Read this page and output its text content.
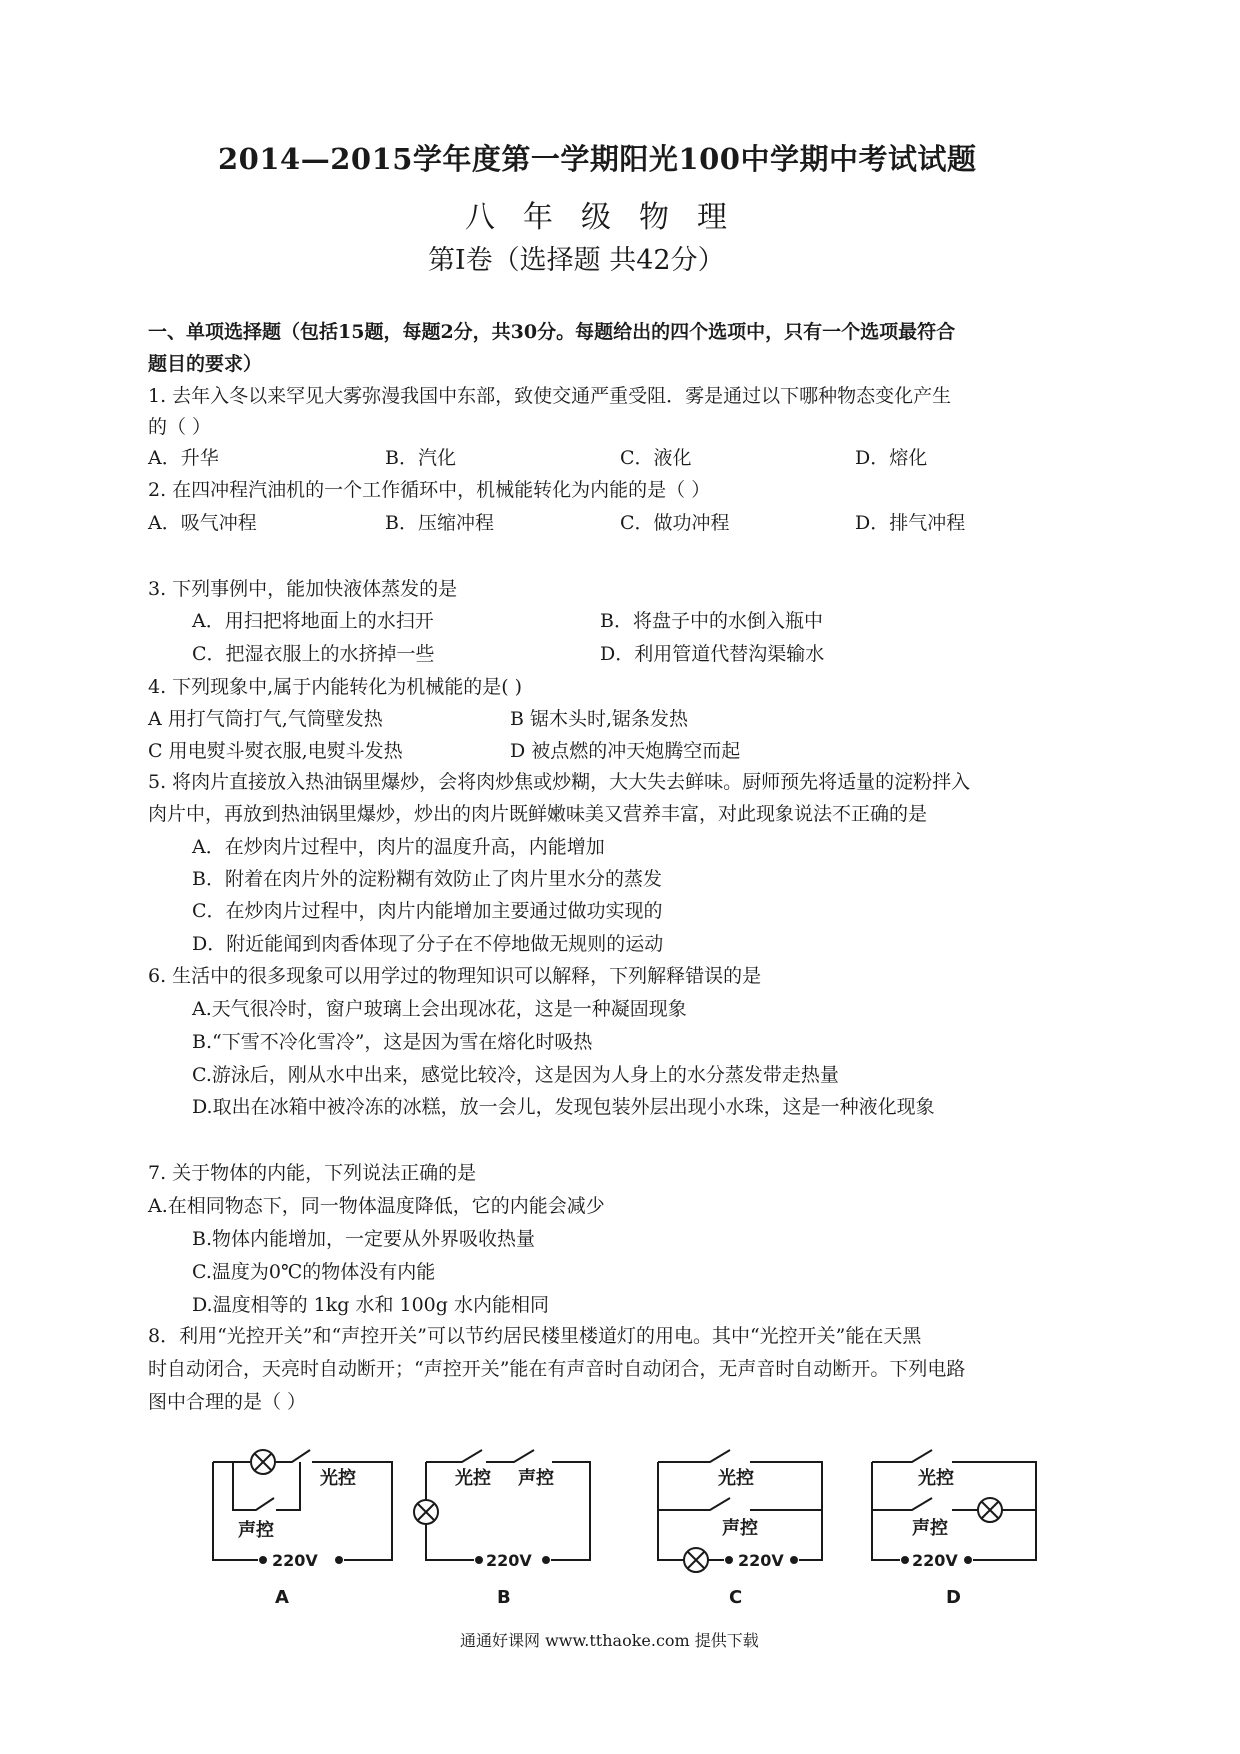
2014—2015学年度第一学期阳光100中学期中考试试题
八年级物理
第Ⅰ卷（选择题 共42分）
一、单项选择题（包括15题，每题2分，共30分。每题给出的四个选项中，只有一个选项最符合
题目的要求）
1. 去年入冬以来罕见大雾弥漫我国中东部，致使交通严重受阻．雾是通过以下哪种物态变化产生
的（ ）
A．升华	B．汽化	C．液化	D．熔化
2. 在四冲程汽油机的一个工作循环中，机械能转化为内能的是（ ）
A．吸气冲程	B．压缩冲程	C．做功冲程	D．排气冲程
3. 下列事例中，能加快液体蒸发的是
A．用扫把将地面上的水扫开	B．将盘子中的水倒入瓶中
C．把湿衣服上的水挤掉一些	D．利用管道代替沟渠输水
4. 下列现象中,属于内能转化为机械能的是( )
A 用打气筒打气,气筒壁发热	B 锯木头时,锯条发热
C 用电熨斗熨衣服,电熨斗发热	D 被点燃的冲天炮腾空而起
5. 将肉片直接放入热油锅里爆炒，会将肉炒焦或炒糊，大大失去鲜味。厨师预先将适量的淀粉拌入
肉片中，再放到热油锅里爆炒，炒出的肉片既鲜嫩味美又营养丰富，对此现象说法不正确的是
A．在炒肉片过程中，肉片的温度升高，内能增加
B．附着在肉片外的淀粉糊有效防止了肉片里水分的蒸发
C．在炒肉片过程中，肉片内能增加主要通过做功实现的
D．附近能闻到肉香体现了分子在不停地做无规则的运动
6. 生活中的很多现象可以用学过的物理知识可以解释，下列解释错误的是
A.天气很冷时，窗户玻璃上会出现冰花，这是一种凝固现象
B.“下雪不冷化雪冷”，这是因为雪在熔化时吸热
C.游泳后，刚从水中出来，感觉比较冷，这是因为人身上的水分蒸发带走热量
D.取出在冰箱中被冷冻的冰糕，放一会儿，发现包装外层出现小水珠，这是一种液化现象
7. 关于物体的内能，下列说法正确的是
A.在相同物态下，同一物体温度降低，它的内能会减少
B.物体内能增加，一定要从外界吸收热量
C.温度为0℃的物体没有内能
D.温度相等的 1kg 水和 100g 水内能相同
8．利用“光控开关”和“声控开关”可以节约居民楼里楼道灯的用电。其中“光控开关”能在天黑
时自动闭合，天亮时自动断开；“声控开关”能在有声音时自动闭合，无声音时自动断开。下列电路
图中合理的是（ ）
光控
声控
220V
光控 声控
220V
光控
声控
220V
光控
声控
220V
A	B	C	D
通通好课网 www.tthaoke.com 提供下载
